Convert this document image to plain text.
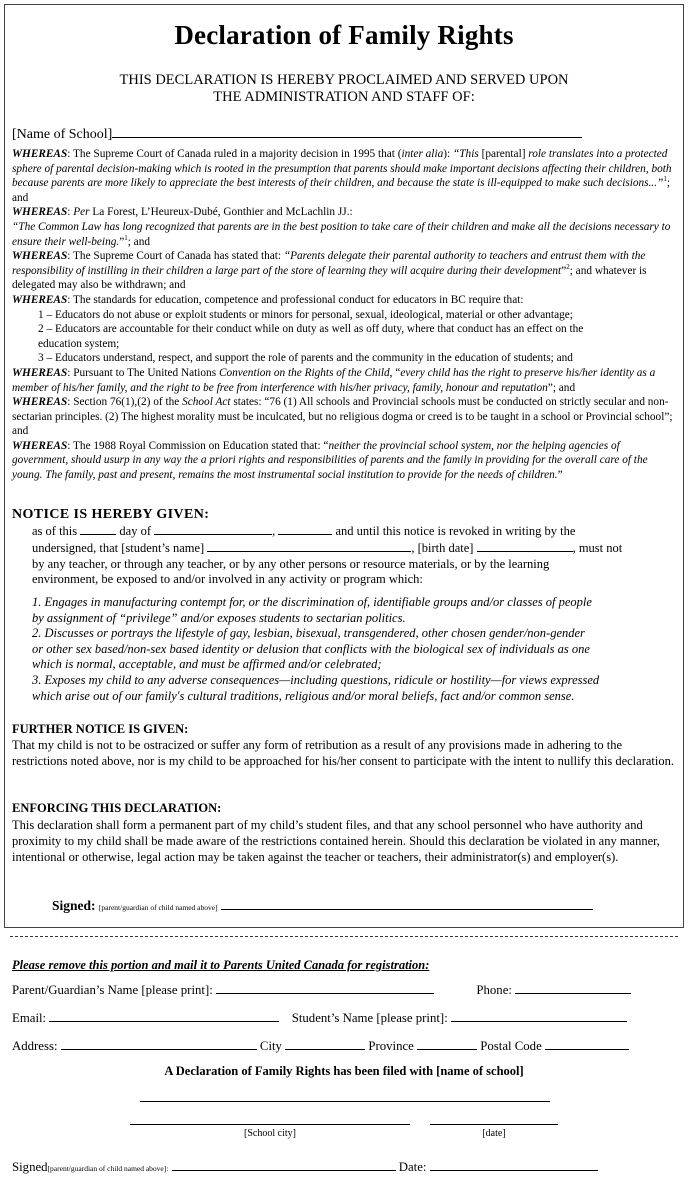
Declaration of Family Rights
THIS DECLARATION IS HEREBY PROCLAIMED AND SERVED UPON
THE ADMINISTRATION AND STAFF OF:
[Name of School]

WHEREAS: The Supreme Court of Canada ruled in a majority decision in 1995 that (inter alia): “This [parental] role translates into a protected sphere of parental decision-making which is rooted in the presumption that parents should make important decisions affecting their children, both because parents are more likely to appreciate the best interests of their children, and because the state is ill-equipped to make such decisions...”$^1$; and

WHEREAS: Per La Forest, L’Heureux-Dubé, Gonthier and McLachlin JJ.:

“The Common Law has long recognized that parents are in the best position to take care of their children and make all the decisions necessary to ensure their well-being.”$^1$; and

WHEREAS: The Supreme Court of Canada has stated that: “Parents delegate their parental authority to teachers and entrust them with the responsibility of instilling in their children a large part of the store of learning they will acquire during their development”$^2$; and whatever is delegated may also be withdrawn; and

WHEREAS: The standards for education, competence and professional conduct for educators in BC require that:

1 – Educators do not abuse or exploit students or minors for personal, sexual, ideological, material or other advantage;

2 – Educators are accountable for their conduct while on duty as well as off duty, where that conduct has an effect on the

education system;

3 – Educators understand, respect, and support the role of parents and the community in the education of students; and

WHEREAS: Pursuant to The United Nations Convention on the Rights of the Child, “every child has the right to preserve his/her identity as a member of his/her family, and the right to be free from interference with his/her privacy, family, honour and reputation”; and

WHEREAS: Section 76(1),(2) of the School Act states: “76 (1) All schools and Provincial schools must be conducted on strictly secular and non-sectarian principles. (2) The highest morality must be inculcated, but no religious dogma or creed is to be taught in a school or Provincial school”; and

WHEREAS: The 1988 Royal Commission on Education stated that: “neither the provincial school system, nor the helping agencies of government, should usurp in any way the a priori rights and responsibilities of parents and the family in providing for the overall care of the young. The family, past and present, remains the most instrumental social institution to provide for the needs of children.”

NOTICE IS HEREBY GIVEN:

as of this	day of	,	and until this notice is revoked in writing by the

undersigned, that [student’s name]	, [birth date]	, must not

by any teacher, or through any teacher, or by any other persons or resource materials, or by the learning

environment, be exposed to and/or involved in any activity or program which:

1. Engages in manufacturing contempt for, or the discrimination of, identifiable groups and/or classes of people

by assignment of “privilege” and/or exposes students to sectarian politics.

2. Discusses or portrays the lifestyle of gay, lesbian, bisexual, transgendered, other chosen gender/non-gender

or other sex based/non-sex based identity or delusion that conflicts with the biological sex of individuals as one

which is normal, acceptable, and must be affirmed and/or celebrated;

3. Exposes my child to any adverse consequences—including questions, ridicule or hostility—for views expressed

which arise out of our family's cultural traditions, religious and/or moral beliefs, fact and/or common sense.

FURTHER NOTICE IS GIVEN:
That my child is not to be ostracized or suffer any form of retribution as a result of any provisions made in adhering to the restrictions noted above, nor is my child to be approached for his/her consent to participate with the intent to nullify this declaration.
ENFORCING THIS DECLARATION:
This declaration shall form a permanent part of my child’s student files, and that any school personnel who have authority and proximity to my child shall be made aware of the restrictions contained herein. Should this declaration be violated in any manner, intentional or otherwise, legal action may be taken against the teacher or teachers, their administrator(s) and employer(s).
Signed: [parent/guardian of child named above]
Please remove this portion and mail it to Parents United Canada for registration:
Parent/Guardian’s Name [please print]:	Phone:
Email:	Student’s Name [please print]:
Address:	City	Province	Postal Code
A Declaration of Family Rights has been filed with [name of school]
[School city]	[date]
Signed[parent/guardian of child named above]:	Date:
